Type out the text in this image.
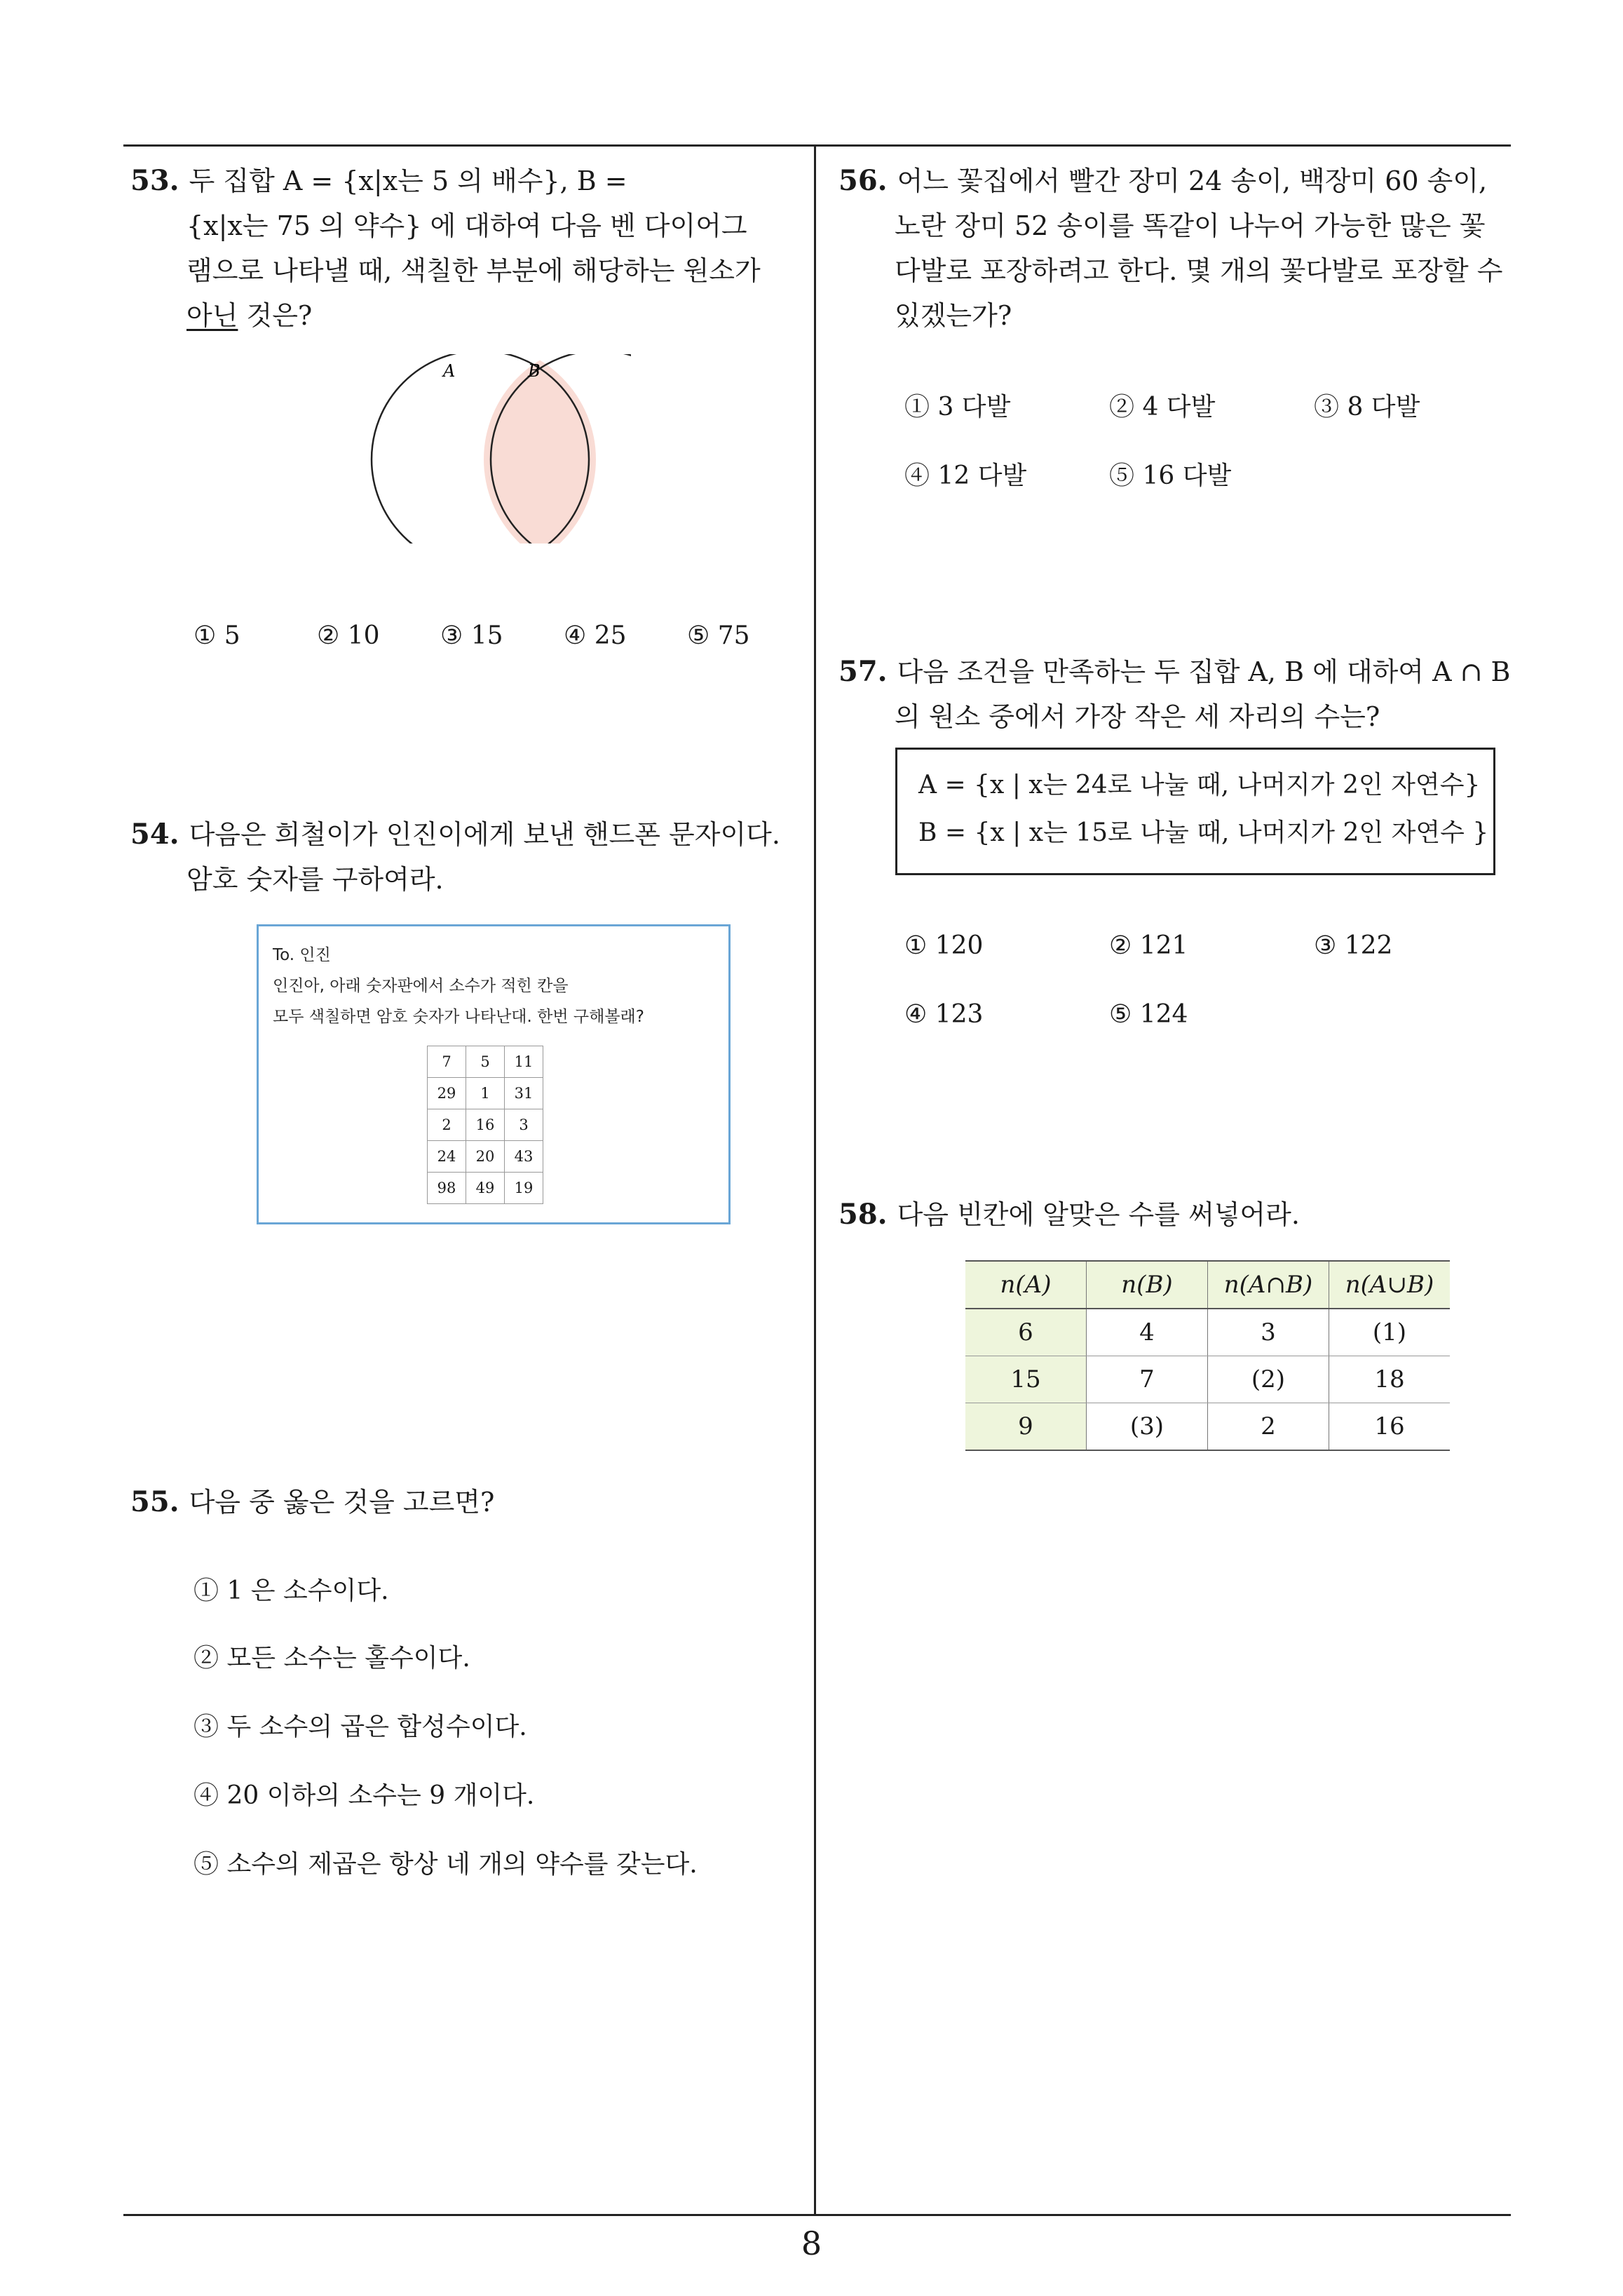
8
53. 두 집합 A = {x|x는 5 의 배수}, B =
{x|x는 75 의 약수} 에 대하여 다음 벤 다이어그
램으로 나타낼 때, 색칠한 부분에 해당하는 원소가
아닌 것은?
A	B
① 5	② 10 ③ 15 ④ 25 ⑤ 75
54. 다음은 희철이가 인진이에게 보낸 핸드폰 문자이다.
암호 숫자를 구하여라.
To. 인진
인진아, 아래 숫자판에서 소수가 적힌 칸을
모두 색칠하면 암호 숫자가 나타난대. 한번 구해볼래?
7	5	11
29	1	31
2	16	3
24	20	43
98	49	19
55. 다음 중 옳은 것을 고르면?
① 1 은 소수이다.
② 모든 소수는 홀수이다.
③ 두 소수의 곱은 합성수이다.
④ 20 이하의 소수는 9 개이다.
⑤ 소수의 제곱은 항상 네 개의 약수를 갖는다.
56. 어느 꽃집에서 빨간 장미 24 송이, 백장미 60 송이,
노란 장미 52 송이를 똑같이 나누어 가능한 많은 꽃
다발로 포장하려고 한다. 몇 개의 꽃다발로 포장할 수
있겠는가?
① 3 다발	② 4 다발	③ 8 다발
④ 12 다발	⑤ 16 다발
57. 다음 조건을 만족하는 두 집합 A, B 에 대하여 A ∩ B
의 원소 중에서 가장 작은 세 자리의 수는?
A = {x | x는 24로 나눌 때, 나머지가 2인 자연수}
B = {x | x는 15로 나눌 때, 나머지가 2인 자연수 }
① 120	② 121	③ 122
④ 123	⑤ 124
58. 다음 빈칸에 알맞은 수를 써넣어라.
n(A)	n(B)	n(A∩B)	n(A∪B)
6	4	3	(1)
15	7	(2)	18
9	(3)	2	16
